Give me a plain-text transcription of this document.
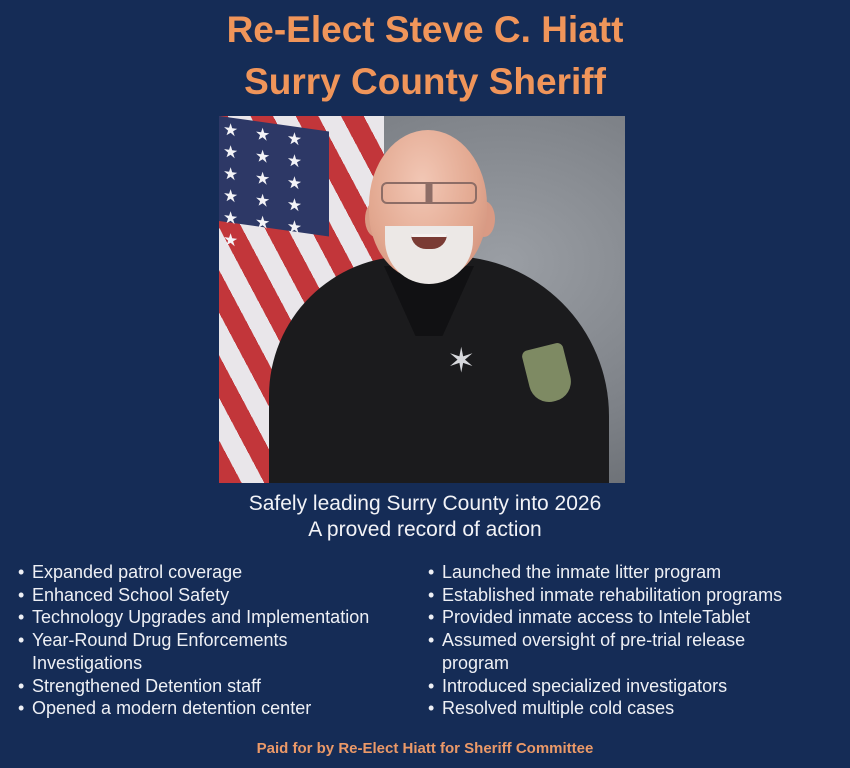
Re-Elect Steve C. Hiatt
Surry County Sheriff
★ ★ ★ ★ ★ ★ ★ ★ ★ ★ ★ ★ ★ ★ ★ ★
✶
Safely leading Surry County into 2026
A proved record of action
• Expanded patrol coverage
• Enhanced School Safety
• Technology Upgrades and Implementation
• Year-Round Drug Enforcements Investigations
• Strengthened Detention staff
• Opened a modern detention center
• Launched the inmate litter program
• Established inmate rehabilitation programs
• Provided inmate access to InteleTablet
• Assumed oversight of pre-trial release program
• Introduced specialized investigators
• Resolved multiple cold cases
Paid for by Re-Elect Hiatt for Sheriff Committee
